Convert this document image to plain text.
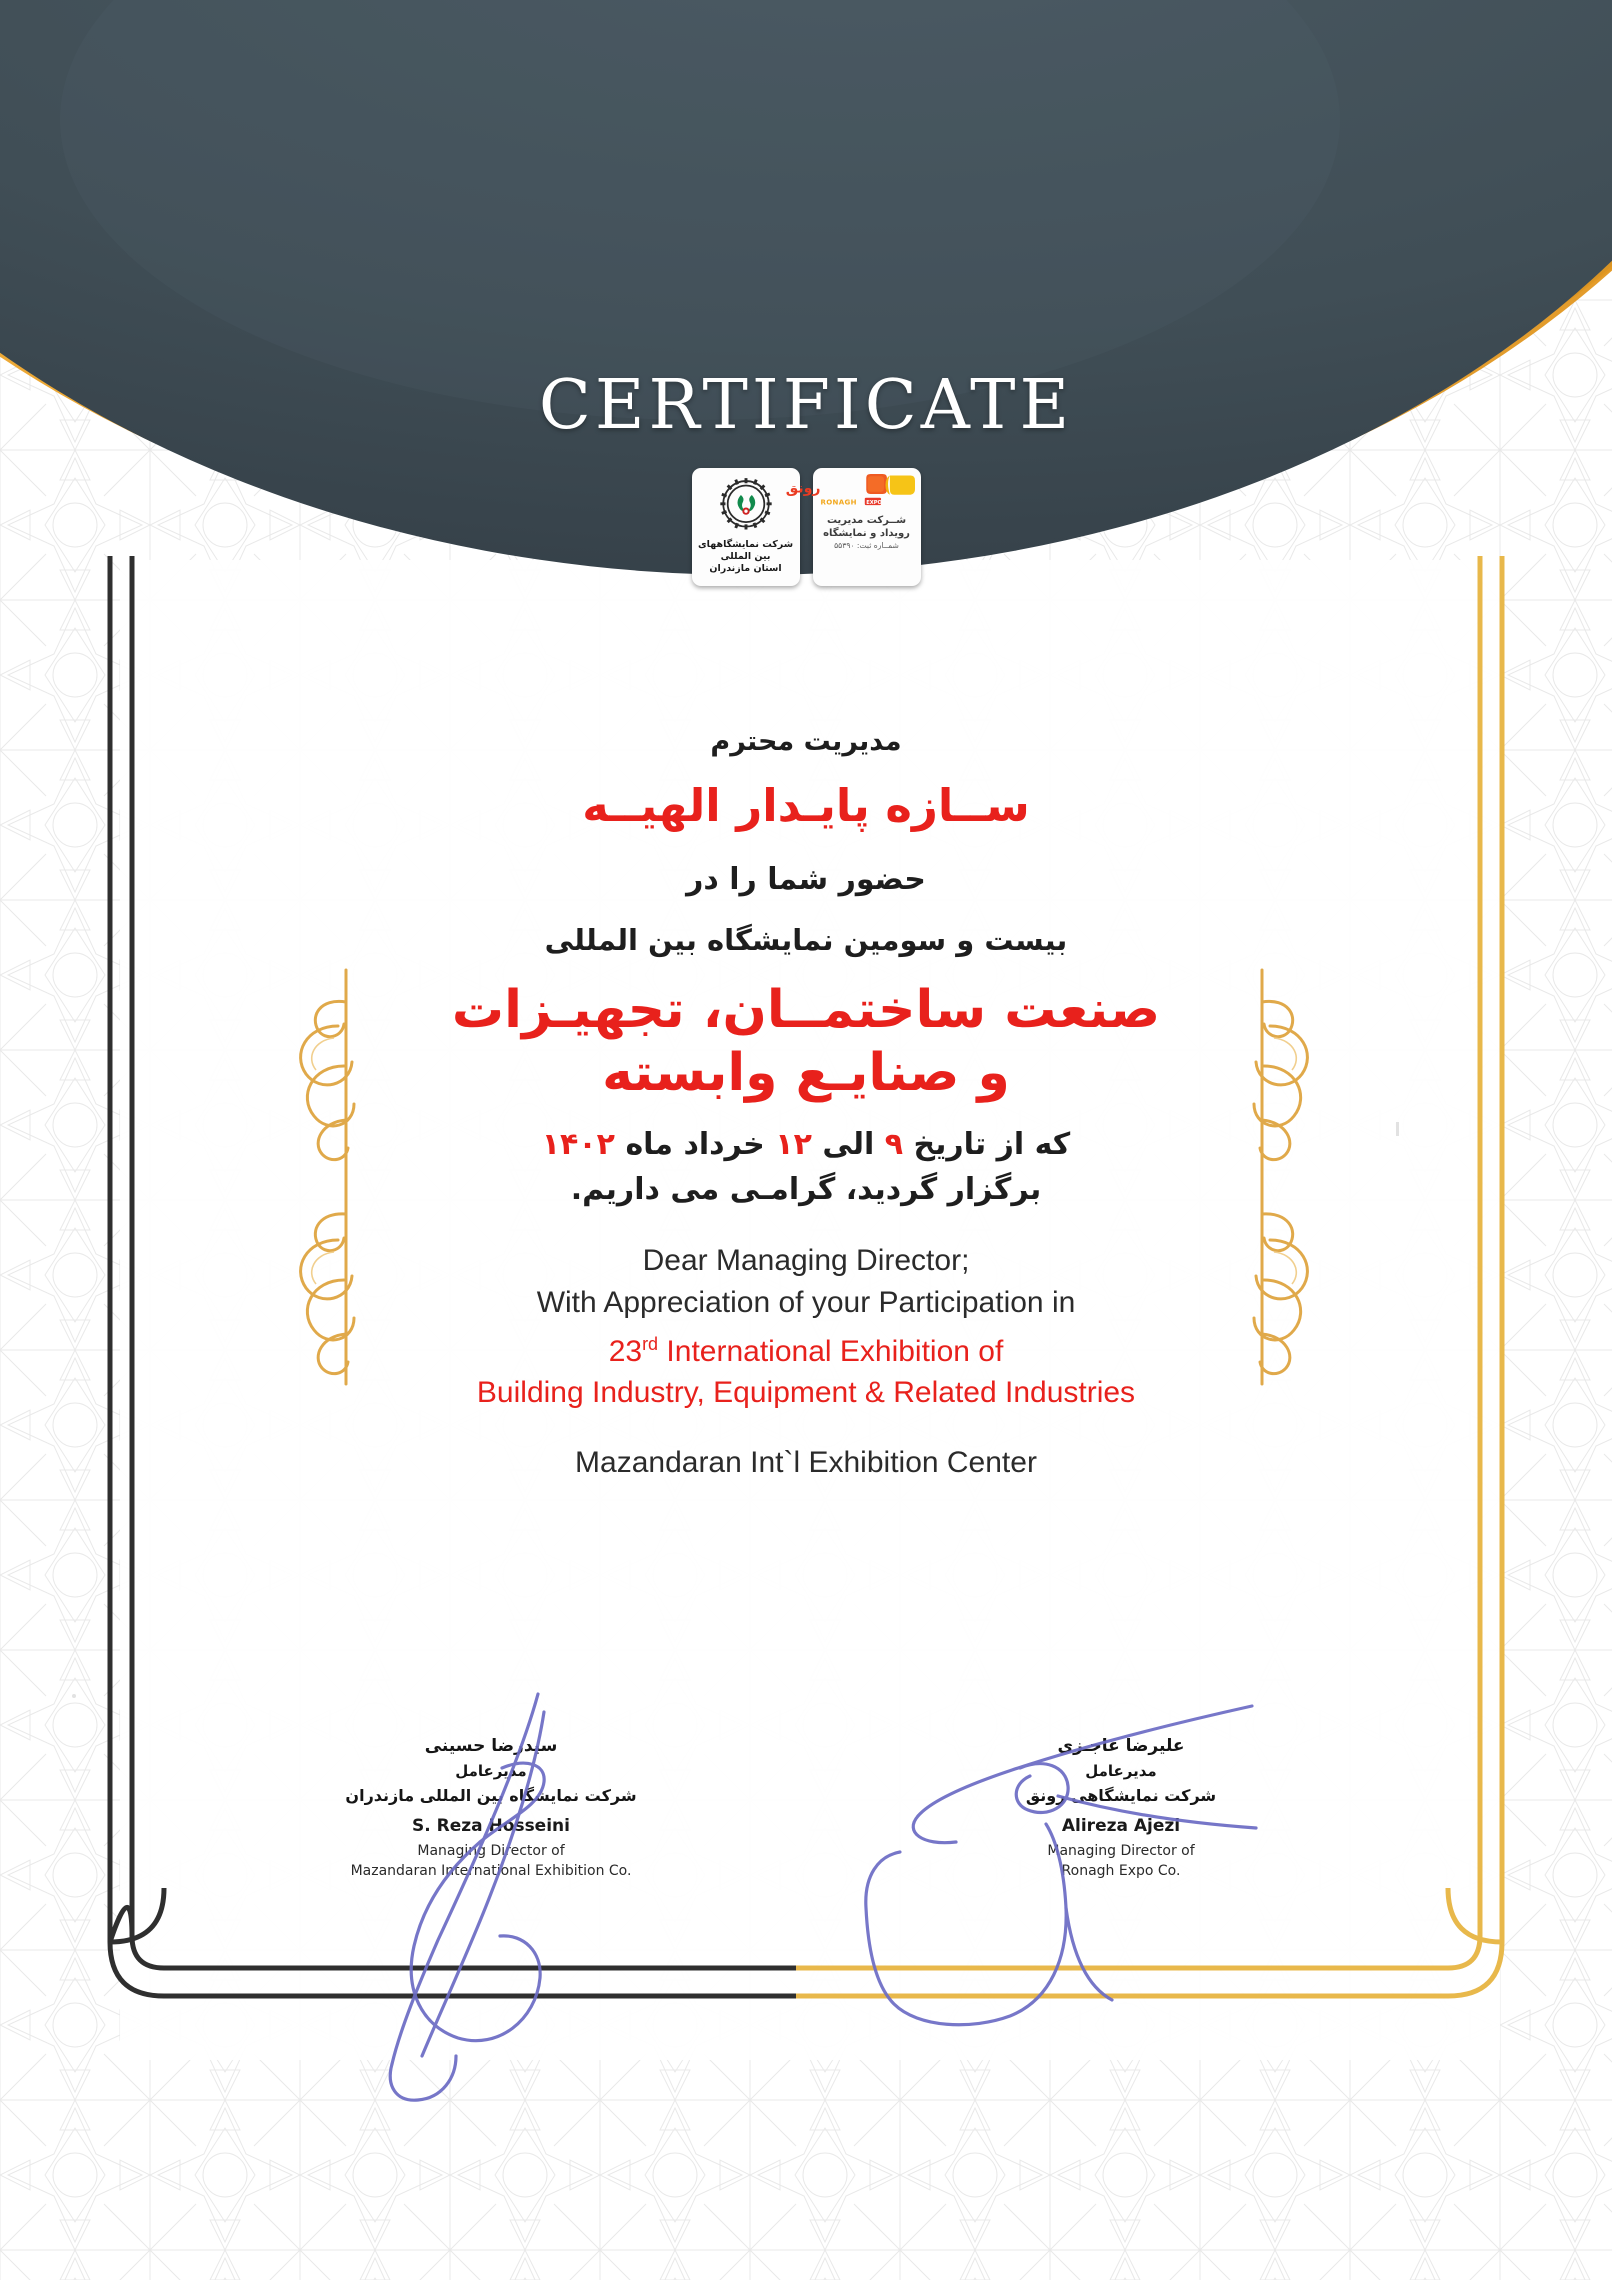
CERTIFICATE
شرکت نمایشگاههای بین المللی
استان مازندران
رونق
RONAGH EXPO
شــرکت مدیریت
رویداد و نمایشگاه
شمــاره ثبت: ۵۵۳۹۰
مدیریت محترم
ســازه پایـدار الهیــه
حضور شما را در
بیست و سومین نمایشگاه بین المللی
صنعت ساختمــان، تجهیـزات
و صنایـع وابسته
که از تاریخ ۹ الی ۱۲ خرداد ماه ۱۴۰۲
برگزار گردید، گرامـی می داریم.
Dear Managing Director;
With Appreciation of your Participation in
23rd International Exhibition of
Building Industry, Equipment & Related Industries
Mazandaran Int`l Exhibition Center
سیدرضا حسینی
مدیرعامل
شرکت نمایشگاه بین المللی مازندران
S. Reza Hosseini
Managing Director of
Mazandaran International Exhibition Co.
علیرضا عاجـزی
مدیرعامل
شرکت نمایشگاهی رونق
Alireza Ajezi
Managing Director of
Ronagh Expo Co.
